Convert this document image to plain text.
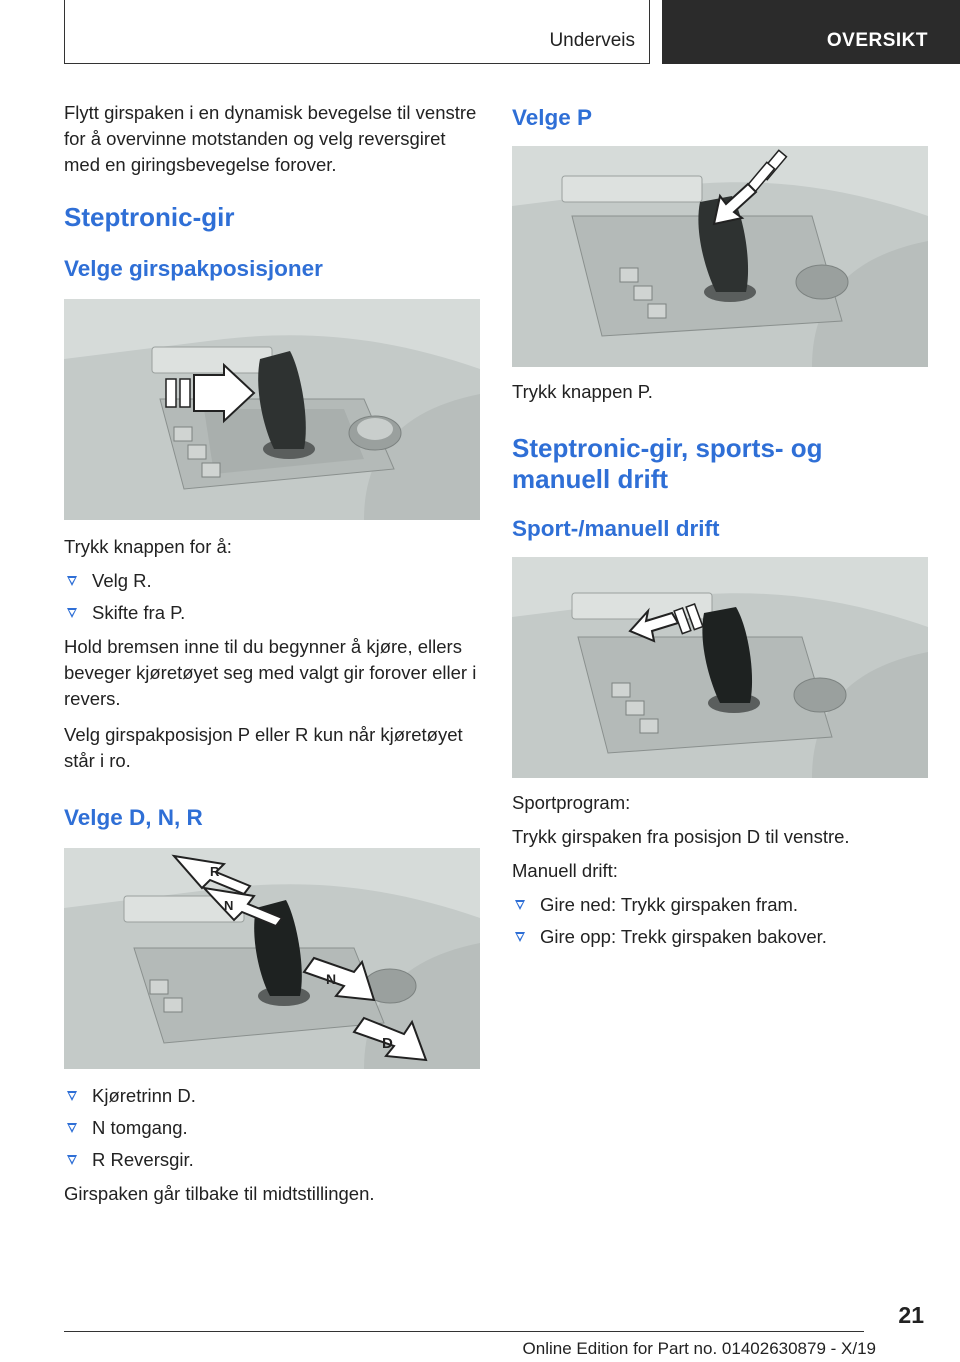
Underveis	OVERSIKT

Flytt girspaken i en dynamisk bevegelse til venstre for å overvinne motstanden og velg reversgiret med en giringsbevegelse forover.

Steptronic-gir
Velge girspakposisjoner

Trykk knappen for å:

Velg R.
Skifte fra P.

Hold bremsen inne til du begynner å kjøre, ellers beveger kjøretøyet seg med valgt gir forover eller i revers.

Velg girspakposisjon P eller R kun når kjøretøyet står i ro.

Velge D, N, R
R
N
N
D
Kjøretrinn D.
N tomgang.
R Reversgir.

Girspaken går tilbake til midtstillingen.

Velge P

Trykk knappen P.

Steptronic-gir, sports- og
manuell drift
Sport-/manuell drift

Sportprogram:

Trykk girspaken fra posisjon D til venstre.

Manuell drift:

Gire ned: Trykk girspaken fram.
Gire opp: Trekk girspaken bakover.
21
Online Edition for Part no. 01402630879 - X/19
